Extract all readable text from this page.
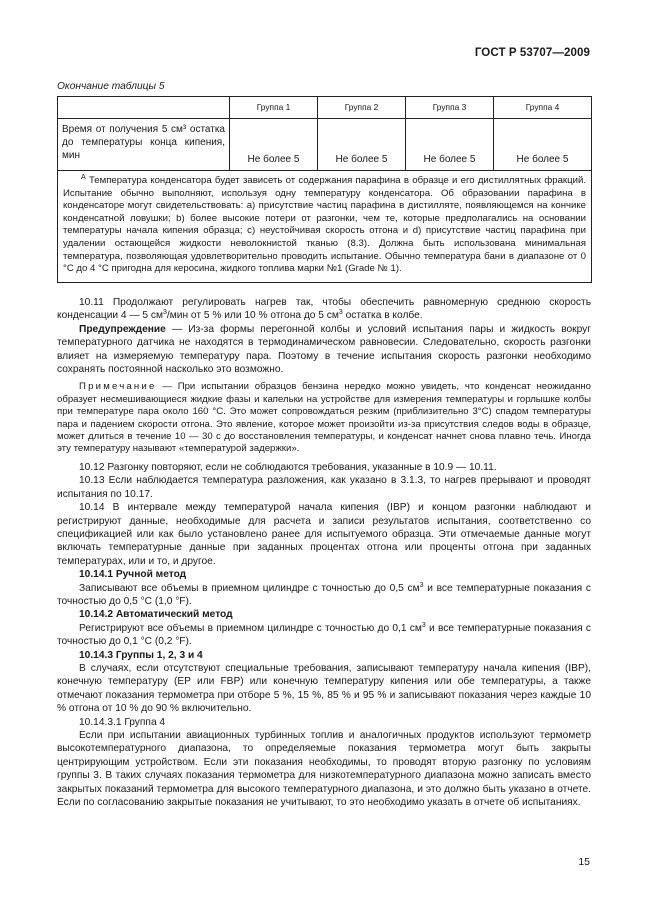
ГОСТ Р 53707—2009
Окончание таблицы 5
	Группа 1	Группа 2	Группа 3	Группа 4
Время от получения 5 см³ остатка до температуры конца кипения, мин	Не более 5	Не более 5	Не более 5	Не более 5
$^A$ Температура конденсатора будет зависеть от содержания парафина в образце и его дистиллятных фракций. Испытание обычно выполняют, используя одну температуру конденсатора. Об образовании парафина в конденсаторе могут свидетельствовать: a) присутствие частиц парафина в дистилляте, появляющемся на кончике конденсатной ловушки; b) более высокие потери от разгонки, чем те, которые предполагались на основании температуры начала кипения образца; c) неустойчивая скорость отгона и d) присутствие частиц парафина при удалении остающейся жидкости неволокнистой тканью (8.3). Должна быть использована минимальная температура, позволяющая удовлетворительно проводить испытание. Обычно температура бани в диапазоне от 0 °С до 4 °С пригодна для керосина, жидкого топлива марки №1 (Grade № 1).				

10.11 Продолжают регулировать нагрев так, чтобы обеспечить равномерную среднюю скорость конденсации 4 — 5 $см^3$/мин от 5 % или 10 % отгона до 5 $см^3$ остатка в колбе.

Предупреждение — Из-за формы перегонной колбы и условий испытания пары и жидкость вокруг температурного датчика не находятся в термодинамическом равновесии. Следовательно, скорость разгонки влияет на измеряемую температуру пара. Поэтому в течение испытания скорость разгонки необходимо сохранять постоянной насколько это возможно.

Примечание — При испытании образцов бензина нередко можно увидеть, что конденсат неожиданно образует несмешивающиеся жидкие фазы и капельки на устройстве для измерения температуры и горлышке колбы при температуре пара около 160 °С. Это может сопровождаться резким (приблизительно 3°С) спадом температуры пара и падением скорости отгона. Это явление, которое может произойти из-за присутствия следов воды в образце, может длиться в течение 10 — 30 с до восстановления температуры, и конденсат начнет снова плавно течь. Иногда эту температуру называют «температурой задержки».

10.12 Разгонку повторяют, если не соблюдаются требования, указанные в 10.9 — 10.11.

10.13 Если наблюдается температура разложения, как указано в 3.1.3, то нагрев прерывают и проводят испытания по 10.17.

10.14 В интервале между температурой начала кипения (IBP) и концом разгонки наблюдают и регистрируют данные, необходимые для расчета и записи результатов испытания, соответственно со спецификацией или как было установлено ранее для испытуемого образца. Эти отмечаемые данные могут включать температурные данные при заданных процентах отгона или проценты отгона при заданных температурах, или и то, и другое.

10.14.1 Ручной метод

Записывают все объемы в приемном цилиндре с точностью до 0,5 $см^3$ и все температурные показания с точностью до 0,5 °С (1,0 °F).

10.14.2 Автоматический метод

Регистрируют все объемы в приемном цилиндре с точностью до 0,1 $см^3$ и все температурные показания с точностью до 0,1 °С (0,2 °F).

10.14.3 Группы 1, 2, 3 и 4

В случаях, если отсутствуют специальные требования, записывают температуру начала кипения (IBP), конечную температуру (ЕР или FBP) или конечную температуру кипения или обе температуры, а также отмечают показания термометра при отборе 5 %, 15 %, 85 % и 95 % и записывают показания через каждые 10 % отгона от 10 % до 90 % включительно.

10.14.3.1 Группа 4

Если при испытании авиационных турбинных топлив и аналогичных продуктов используют термометр высокотемпературного диапазона, то определяемые показания термометра могут быть закрыты центрирующим устройством. Если эти показания необходимы, то проводят вторую разгонку по условиям группы 3. В таких случаях показания термометра для низкотемпературного диапазона можно записать вместо закрытых показаний термометра для высокого температурного диапазона, и это должно быть указано в отчете. Если по согласованию закрытые показания не учитывают, то это необходимо указать в отчете об испытаниях.

15
